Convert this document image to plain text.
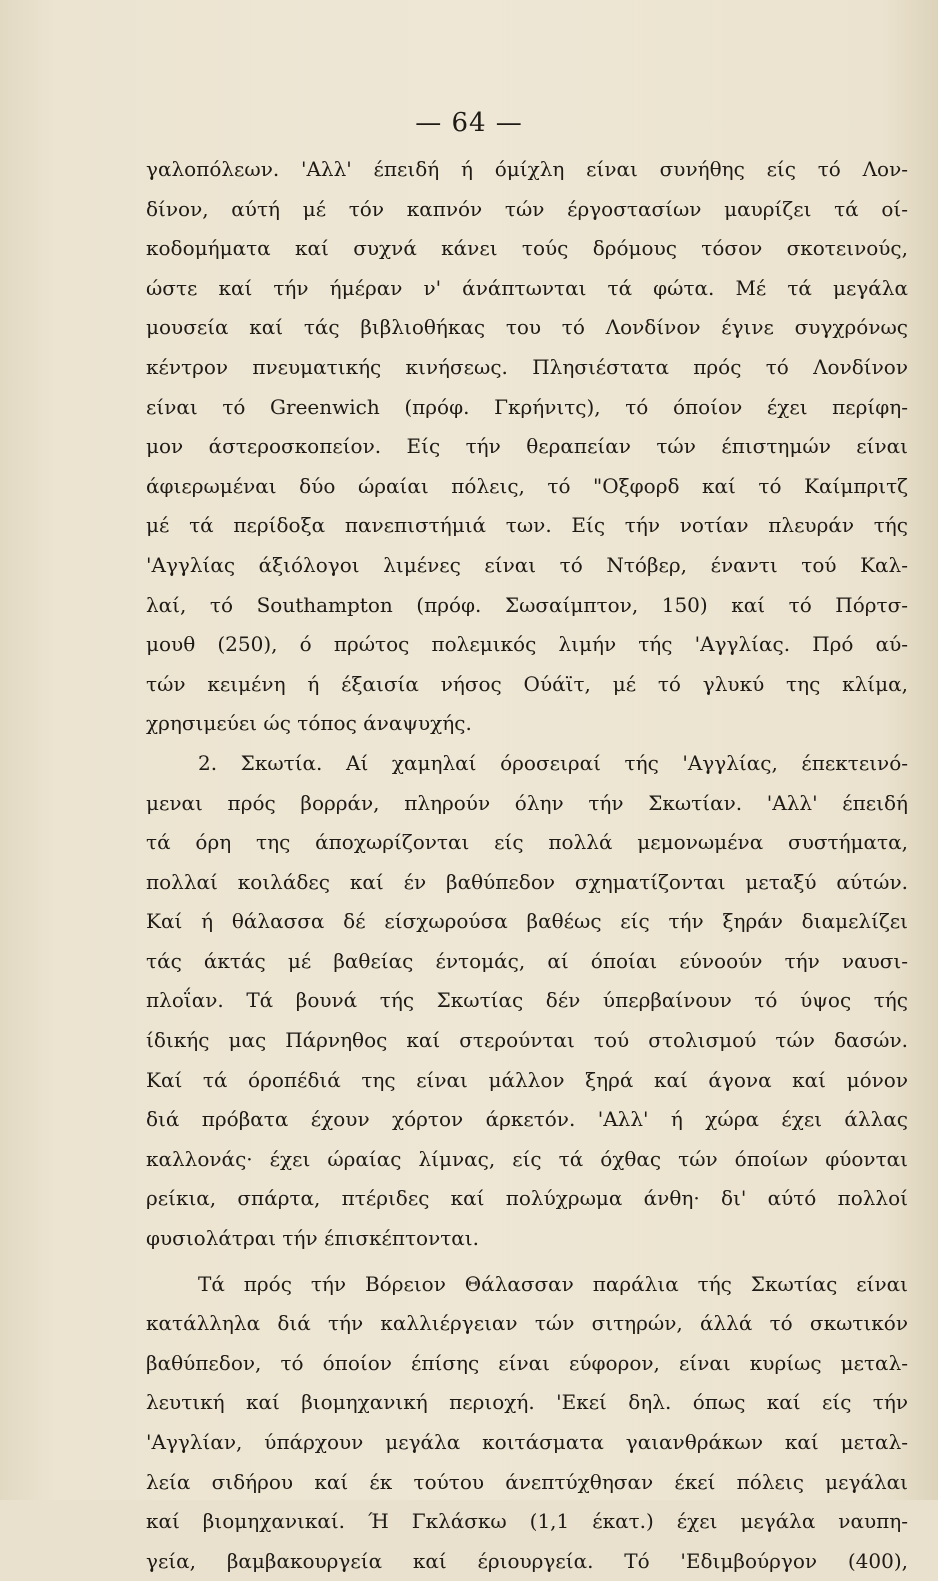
— 64 —
γαλοπόλεων. 'Αλλ' έπειδή ή όμίχλη είναι συνήθης είς τό Λον-
δίνον, αύτή μέ τόν καπνόν τών έργοστασίων μαυρίζει τά οί-
κοδομήματα καί συχνά κάνει τούς δρόμους τόσον σκοτεινούς,
ώστε καί τήν ήμέραν ν' άνάπτωνται τά φώτα. Μέ τά μεγάλα
μουσεία καί τάς βιβλιοθήκας του τό Λονδίνον έγινε συγχρόνως
κέντρον πνευματικής κινήσεως. Πλησιέστατα πρός τό Λονδίνον
είναι τό Greenwich (πρόφ. Γκρήνιτς), τό όποίον έχει περίφη-
μον άστεροσκοπείον. Είς τήν θεραπείαν τών έπιστημών είναι
άφιερωμέναι δύο ώραίαι πόλεις, τό "Οξφορδ καί τό Καίμπριτζ
μέ τά περίδοξα πανεπιστήμιά των. Είς τήν νοτίαν πλευράν τής
'Αγγλίας άξιόλογοι λιμένες είναι τό Ντόβερ, έναντι τού Καλ-
λαί, τό Southampton (πρόφ. Σωσαίμπτον, 150) καί τό Πόρτσ-
μουθ (250), ό πρώτος πολεμικός λιμήν τής 'Αγγλίας. Πρό αύ-
τών κειμένη ή έξαισία νήσος Ούάϊτ, μέ τό γλυκύ της κλίμα,
χρησιμεύει ώς τόπος άναψυχής.
2. Σκωτία. Αί χαμηλαί όροσειραί τής 'Αγγλίας, έπεκτεινό-
μεναι πρός βορράν, πληρούν όλην τήν Σκωτίαν. 'Αλλ' έπειδή
τά όρη της άποχωρίζονται είς πολλά μεμονωμένα συστήματα,
πολλαί κοιλάδες καί έν βαθύπεδον σχηματίζονται μεταξύ αύτών.
Καί ή θάλασσα δέ είσχωρούσα βαθέως είς τήν ξηράν διαμελίζει
τάς άκτάς μέ βαθείας έντομάς, αί όποίαι εύνοούν τήν ναυσι-
πλοΐαν. Τά βουνά τής Σκωτίας δέν ύπερβαίνουν τό ύψος τής
ίδικής μας Πάρνηθος καί στερούνται τού στολισμού τών δασών.
Καί τά όροπέδιά της είναι μάλλον ξηρά καί άγονα καί μόνον
διά πρόβατα έχουν χόρτον άρκετόν. 'Αλλ' ή χώρα έχει άλλας
καλλονάς· έχει ώραίας λίμνας, είς τά όχθας τών όποίων φύονται
ρείκια, σπάρτα, πτέριδες καί πολύχρωμα άνθη· δι' αύτό πολλοί
φυσιολάτραι τήν έπισκέπτονται.
Τά πρός τήν Βόρειον Θάλασσαν παράλια τής Σκωτίας είναι
κατάλληλα διά τήν καλλιέργειαν τών σιτηρών, άλλά τό σκωτικόν
βαθύπεδον, τό όποίον έπίσης είναι εύφορον, είναι κυρίως μεταλ-
λευτική καί βιομηχανική περιοχή. 'Εκεί δηλ. όπως καί είς τήν
'Αγγλίαν, ύπάρχουν μεγάλα κοιτάσματα γαιανθράκων καί μεταλ-
λεία σιδήρου καί έκ τούτου άνεπτύχθησαν έκεί πόλεις μεγάλαι
καί βιομηχανικαί. Ή Γκλάσκω (1,1 έκατ.) έχει μεγάλα ναυπη-
γεία, βαμβακουργεία καί έριουργεία. Τό 'Εδιμβούργον (400),
